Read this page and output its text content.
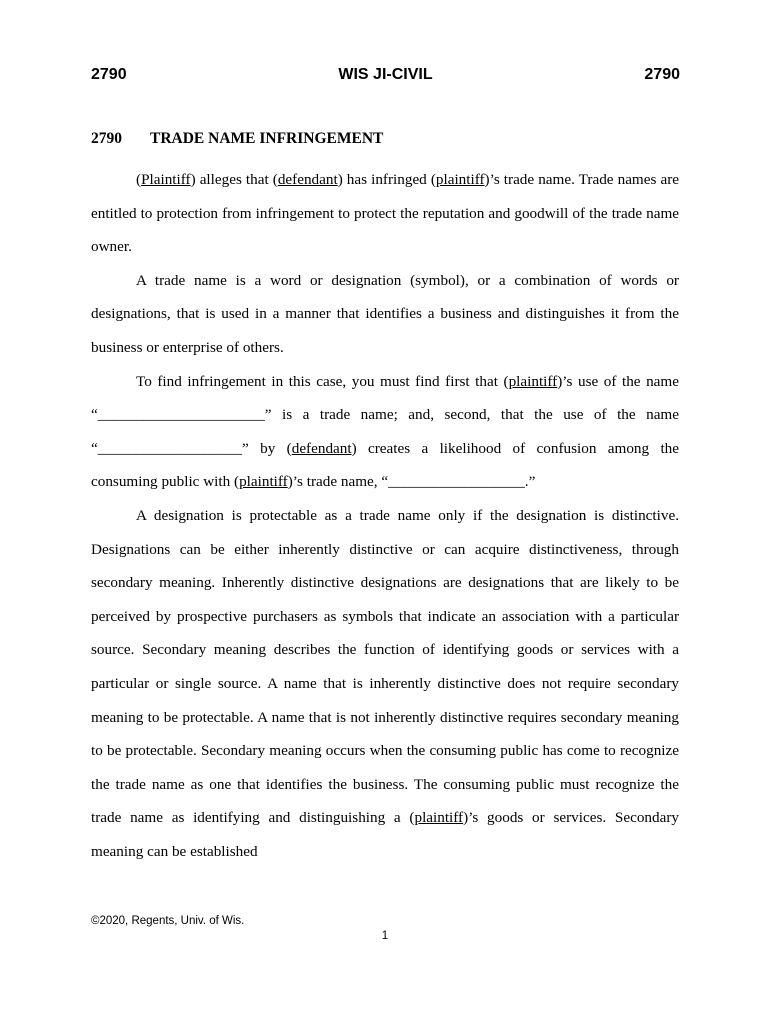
2790	WIS JI-CIVIL	2790
2790 TRADE NAME INFRINGEMENT

(Plaintiff) alleges that (defendant) has infringed (plaintiff)’s trade name. Trade names are entitled to protection from infringement to protect the reputation and goodwill of the trade name owner.

A trade name is a word or designation (symbol), or a combination of words or designations, that is used in a manner that identifies a business and distinguishes it from the business or enterprise of others.

To find infringement in this case, you must find first that (plaintiff)’s use of the name “______________________” is a trade name; and, second, that the use of the name “___________________” by (defendant) creates a likelihood of confusion among the consuming public with (plaintiff)’s trade name, “__________________.”

A designation is protectable as a trade name only if the designation is distinctive. Designations can be either inherently distinctive or can acquire distinctiveness, through secondary meaning. Inherently distinctive designations are designations that are likely to be perceived by prospective purchasers as symbols that indicate an association with a particular source. Secondary meaning describes the function of identifying goods or services with a particular or single source. A name that is inherently distinctive does not require secondary meaning to be protectable. A name that is not inherently distinctive requires secondary meaning to be protectable. Secondary meaning occurs when the consuming public has come to recognize the trade name as one that identifies the business. The consuming public must recognize the trade name as identifying and distinguishing a (plaintiff)’s goods or services. Secondary meaning can be established

©2020, Regents, Univ. of Wis.
1
